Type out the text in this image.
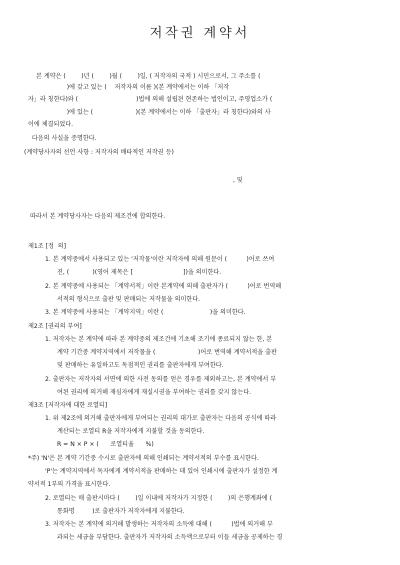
저작권 계약서
본 계약은 (        )년 (        )월 (        )일, ( 저작자의 국적 ) 시민으로서, 그 주소를 (
)에 갖고 있는 (    저작자의 이름 )(본 계약에서는 이하 「저작
자」라 칭한다)와 (                              )법에 의해 설립된 현존하는 법인이고, 주영업소가 (
)에 있는 (                      )(본 계약에서는 이하 「출판자」라 칭한다)와의 사
이에 체결되었다.
다음의 사실을 증명한다.
(계약당사자의 선언 사항 : 저작자의 배타적인 저작권 등)
, 및
따라서 본 계약당사자는 다음의 제조건에 합의한다.
제1조 [정  의]
1. 본 계약중에서 사용되고 있는 '저작물'이란 저작자에 의해 원문이 (          )어로 쓰여
진, (            )(영어 제목은 [                          ])을 의미한다.
2. 본 계약중에 사용되는 「계약서적」이란 본계약에 의해 출판자가 (          )어로 번역해
서적의 형식으로 출판 및 판매되는 저작물을 의미한다.
3. 본 계약중에 사용되는 「계약지역」이란 (                        )을 의미한다.
제2조 [권리의 부여]
1. 저작자는 본 계약에 따라 본 계약중의 제조건에 기초해 조기에 종료되지 않는 한, 본
계약 기간중 계약지역에서 저작물을 (                      )어로 번역해 계약서적을 출판
및 판매하는 유일하고도 독점적인 권리를 출판자에게 부여한다.
2. 출판자는 저작자의 서면에 의한 사전 동의를 얻은 경우를 제외하고는, 본 계약에서 부
여된 권리에 의거해 재심자에게 재실시권을 부여하는 권리를 갖지 않는다.
제3조 [저작자에 대한 로열티]
1. 위 제2조에 의거해 출판자에게 부여되는 권리의 대가로 출판자는 다음의 공식에 따라
계산되는 로열티 R을 저작자에게 지불할 것을 동의한다.
R = N × P × (      로열티율      %)
*주) 'N'은 본 계약 기간중 수시로 출판자에 의해 인쇄되는 계약서적의 부수를 표시한다.
'P'는 계약지역에서 독자에게 계약서적을 판매하는 데 있어 인쇄시에 출판자가 설정한 계
약서적 1부의 가격을 표시한다.
2. 로열티는 매 출판시마다 (        )일 이내에 저작자가 지정한 (        )의 은행계좌에 (
통화명         )로 출판자가 저작자에게 지불한다.
3. 저작자는 본 계약에 의거해 발생하는 저작자의 소득에 대해 (          )법에 의거해 부
과되는 세금을 부담한다. 출판자가 저작자의 소득액으로부터 이들 세금을 공제하는 경
